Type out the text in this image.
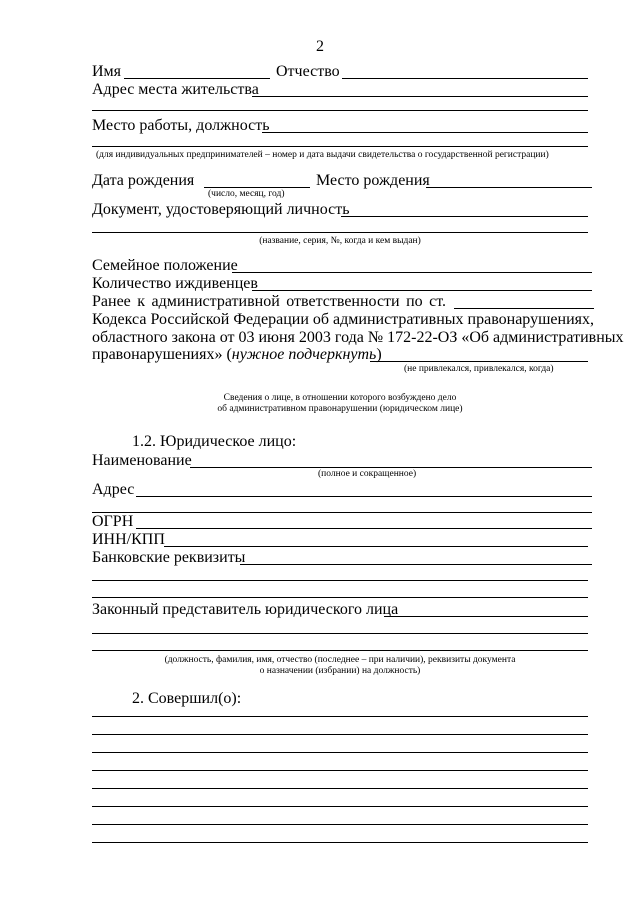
2
Имя	Отчество
Адрес места жительства
Место работы, должность
(для индивидуальных предпринимателей – номер и дата выдачи свидетельства о государственной регистрации)
Дата рождения	Место рождения
(число, месяц, год)
Документ, удостоверяющий личность
(название, серия, №, когда и кем выдан)
Семейное положение
Количество иждивенцев
Ранее к административной ответственности по ст.
Кодекса Российской Федерации об административных правонарушениях,
областного закона от 03 июня 2003 года № 172-22-ОЗ «Об административных
правонарушениях» (нужное подчеркнуть)
(не привлекался, привлекался, когда)
Сведения о лице, в отношении которого возбуждено дело
об административном правонарушении (юридическом лице)
1.2. Юридическое лицо:
Наименование
(полное и сокращенное)
Адрес
ОГРН
ИНН/КПП
Банковские реквизиты
Законный представитель юридического лица
(должность, фамилия, имя, отчество (последнее – при наличии), реквизиты документа
о назначении (избрании) на должность)
2. Совершил(о):
